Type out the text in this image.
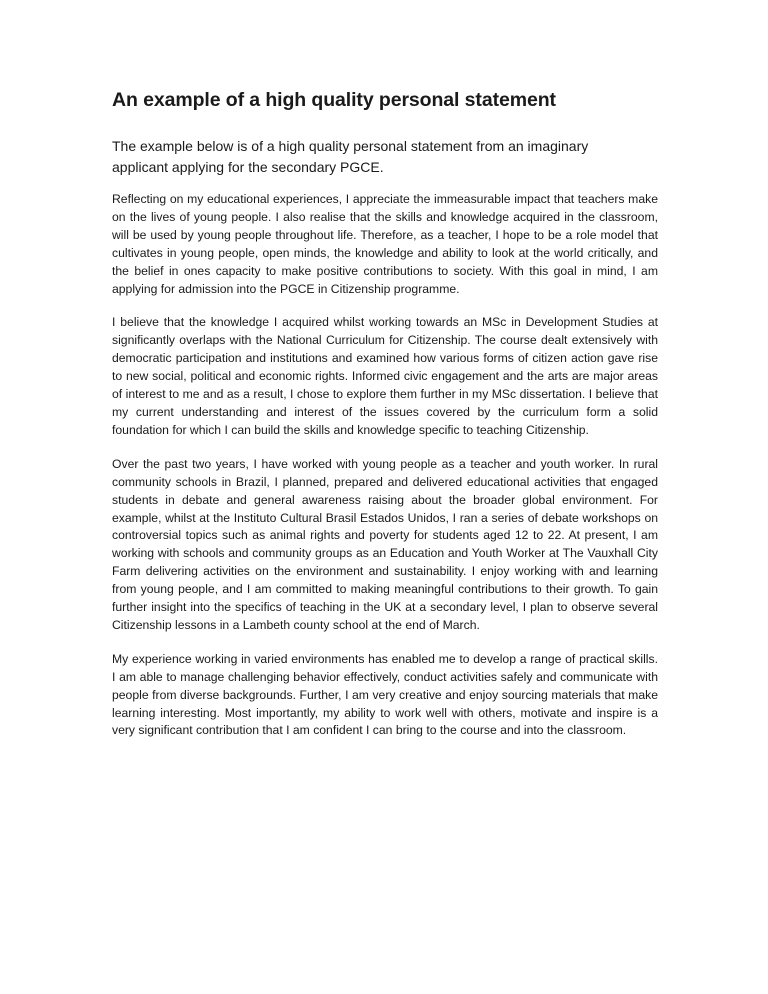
An example of a high quality personal statement

The example below is of a high quality personal statement from an imaginary applicant applying for the secondary PGCE.

Reflecting on my educational experiences, I appreciate the immeasurable impact that teachers make on the lives of young people. I also realise that the skills and knowledge acquired in the classroom, will be used by young people throughout life. Therefore, as a teacher, I hope to be a role model that cultivates in young people, open minds, the knowledge and ability to look at the world critically, and the belief in ones capacity to make positive contributions to society. With this goal in mind, I am applying for admission into the PGCE in Citizenship programme.

I believe that the knowledge I acquired whilst working towards an MSc in Development Studies at significantly overlaps with the National Curriculum for Citizenship. The course dealt extensively with democratic participation and institutions and examined how various forms of citizen action gave rise to new social, political and economic rights. Informed civic engagement and the arts are major areas of interest to me and as a result, I chose to explore them further in my MSc dissertation. I believe that my current understanding and interest of the issues covered by the curriculum form a solid foundation for which I can build the skills and knowledge specific to teaching Citizenship.

Over the past two years, I have worked with young people as a teacher and youth worker. In rural community schools in Brazil, I planned, prepared and delivered educational activities that engaged students in debate and general awareness raising about the broader global environment. For example, whilst at the Instituto Cultural Brasil Estados Unidos, I ran a series of debate workshops on controversial topics such as animal rights and poverty for students aged 12 to 22. At present, I am working with schools and community groups as an Education and Youth Worker at The Vauxhall City Farm delivering activities on the environment and sustainability. I enjoy working with and learning from young people, and I am committed to making meaningful contributions to their growth. To gain further insight into the specifics of teaching in the UK at a secondary level, I plan to observe several Citizenship lessons in a Lambeth county school at the end of March.

My experience working in varied environments has enabled me to develop a range of practical skills. I am able to manage challenging behavior effectively, conduct activities safely and communicate with people from diverse backgrounds. Further, I am very creative and enjoy sourcing materials that make learning interesting. Most importantly, my ability to work well with others, motivate and inspire is a very significant contribution that I am confident I can bring to the course and into the classroom.
